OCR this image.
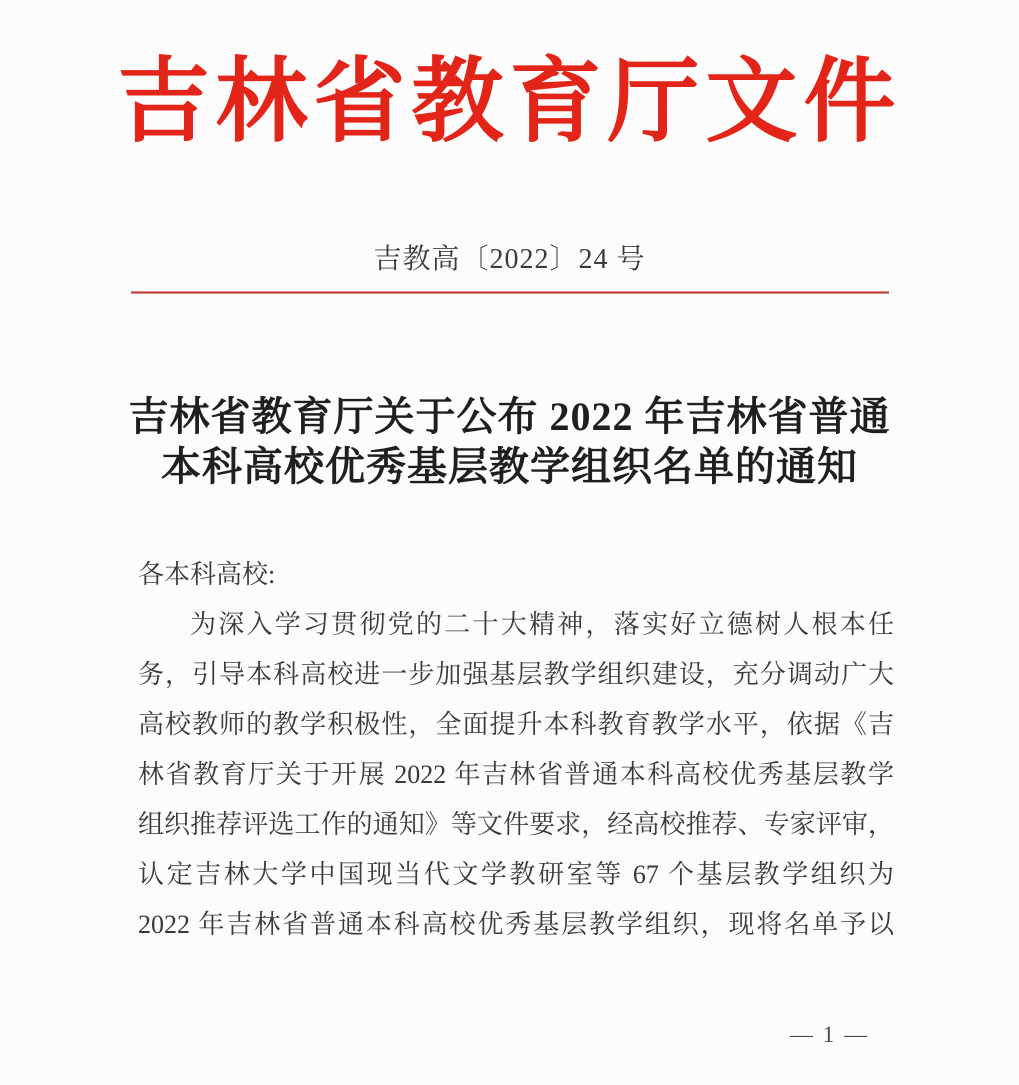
吉林省教育厅文件
吉教高〔2022〕24 号
吉林省教育厅关于公布 2022 年吉林省普通
本科高校优秀基层教学组织名单的通知

各本科高校:

为深入学习贯彻党的二十大精神，落实好立德树人根本任

务，引导本科高校进一步加强基层教学组织建设，充分调动广大

高校教师的教学积极性，全面提升本科教育教学水平，依据《吉

林省教育厅关于开展 2022 年吉林省普通本科高校优秀基层教学

组织推荐评选工作的通知》等文件要求，经高校推荐、专家评审，

认定吉林大学中国现当代文学教研室等 67 个基层教学组织为

2022 年吉林省普通本科高校优秀基层教学组织，现将名单予以

— 1 —
